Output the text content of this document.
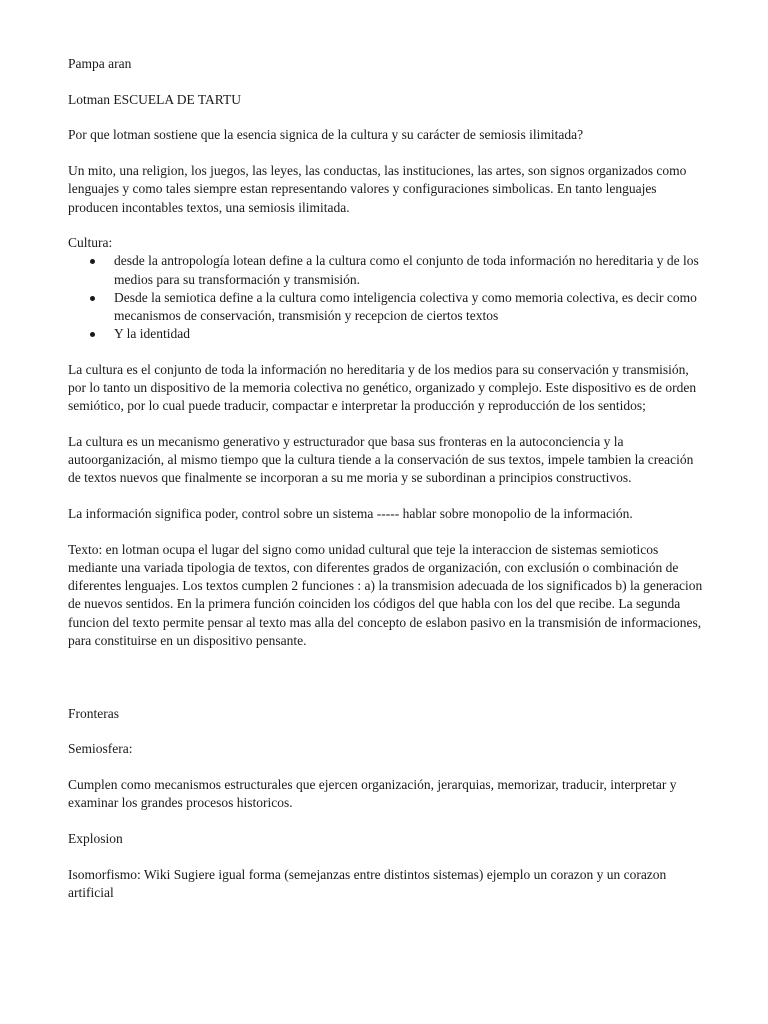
Pampa aran

Lotman ESCUELA DE TARTU

Por que lotman sostiene que la esencia signica de la cultura y su carácter de semiosis ilimitada?

Un mito, una religion, los juegos, las leyes, las conductas, las instituciones, las artes, son signos organizados como lenguajes y como tales siempre estan representando valores y configuraciones simbolicas. En tanto lenguajes producen incontables textos, una semiosis ilimitada.

Cultura:

desde la antropología lotean define a la cultura como el conjunto de toda información no hereditaria y de los medios para su transformación y transmisión.
Desde la semiotica define a la cultura como inteligencia colectiva y como memoria colectiva, es decir como mecanismos de conservación, transmisión y recepcion de ciertos textos
Y la identidad

La cultura es el conjunto de toda la información no hereditaria y de los medios para su conservación y transmisión, por lo tanto un dispositivo de la memoria colectiva no genético, organizado y complejo. Este dispositivo es de orden semiótico, por lo cual puede traducir, compactar e interpretar la producción y reproducción de los sentidos;

La cultura es un mecanismo generativo y estructurador que basa sus fronteras en la autoconciencia y la autoorganización, al mismo tiempo que la cultura tiende a la conservación de sus textos, impele tambien la creación de textos nuevos que finalmente se incorporan a su me moria y se subordinan a principios constructivos.

La información significa poder, control sobre un sistema ----- hablar sobre monopolio de la información.

Texto: en lotman ocupa el lugar del signo como unidad cultural que teje la interaccion de sistemas semioticos mediante una variada tipologia de textos, con diferentes grados de organización, con exclusión o combinación de diferentes lenguajes. Los textos cumplen 2 funciones : a) la transmision adecuada de los significados b) la generacion de nuevos sentidos. En la primera función coinciden los códigos del que habla con los del que recibe. La segunda funcion del texto permite pensar al texto mas alla del concepto de eslabon pasivo en la transmisión de informaciones, para constituirse en un dispositivo pensante.

Fronteras

Semiosfera:

Cumplen como mecanismos estructurales que ejercen organización, jerarquias, memorizar, traducir, interpretar y examinar los grandes procesos historicos.

Explosion

Isomorfismo: Wiki Sugiere igual forma (semejanzas entre distintos sistemas) ejemplo un corazon y un corazon artificial
